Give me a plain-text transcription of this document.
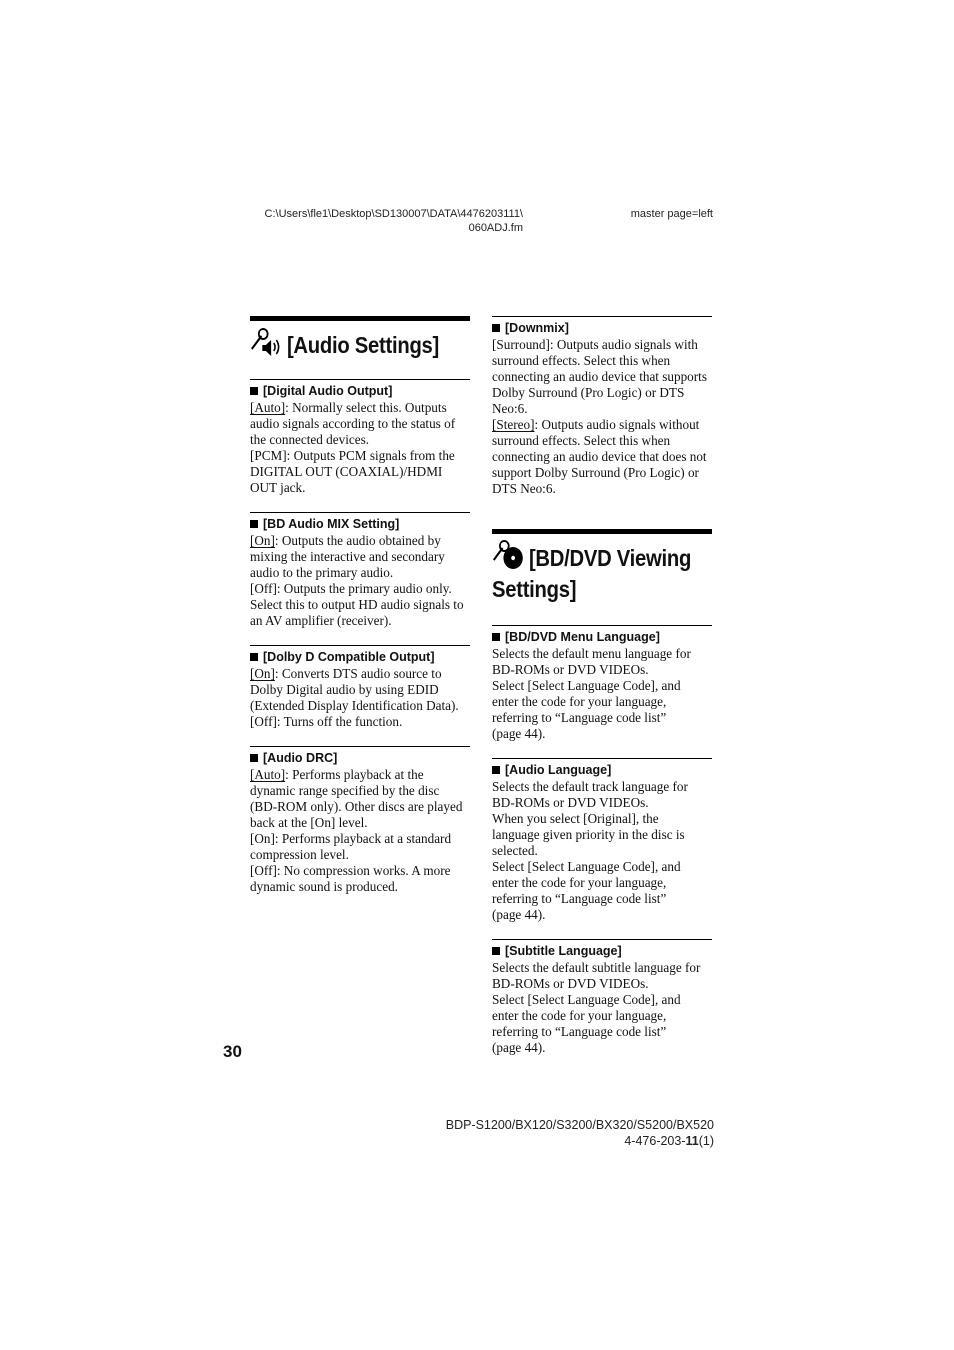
C:\Users\fle1\Desktop\SD130007\DATA\4476203111\
060ADJ.fm
master page=left
[Audio Settings]
[Digital Audio Output]
[Auto]: Normally select this. Outputs
audio signals according to the status of
the connected devices.
[PCM]: Outputs PCM signals from the
DIGITAL OUT (COAXIAL)/HDMI
OUT jack.
[BD Audio MIX Setting]
[On]: Outputs the audio obtained by
mixing the interactive and secondary
audio to the primary audio.
[Off]: Outputs the primary audio only.
Select this to output HD audio signals to
an AV amplifier (receiver).
[Dolby D Compatible Output]
[On]: Converts DTS audio source to
Dolby Digital audio by using EDID
(Extended Display Identification Data).
[Off]: Turns off the function.
[Audio DRC]
[Auto]: Performs playback at the
dynamic range specified by the disc
(BD-ROM only). Other discs are played
back at the [On] level.
[On]: Performs playback at a standard
compression level.
[Off]: No compression works. A more
dynamic sound is produced.
[Downmix]
[Surround]: Outputs audio signals with
surround effects. Select this when
connecting an audio device that supports
Dolby Surround (Pro Logic) or DTS
Neo:6.
[Stereo]: Outputs audio signals without
surround effects. Select this when
connecting an audio device that does not
support Dolby Surround (Pro Logic) or
DTS Neo:6.
[BD/DVD Viewing
Settings]
[BD/DVD Menu Language]
Selects the default menu language for
BD-ROMs or DVD VIDEOs.
Select [Select Language Code], and
enter the code for your language,
referring to “Language code list”
(page 44).
[Audio Language]
Selects the default track language for
BD-ROMs or DVD VIDEOs.
When you select [Original], the
language given priority in the disc is
selected.
Select [Select Language Code], and
enter the code for your language,
referring to “Language code list”
(page 44).
[Subtitle Language]
Selects the default subtitle language for
BD-ROMs or DVD VIDEOs.
Select [Select Language Code], and
enter the code for your language,
referring to “Language code list”
(page 44).
30
BDP-S1200/BX120/S3200/BX320/S5200/BX520
4-476-203-11(1)
